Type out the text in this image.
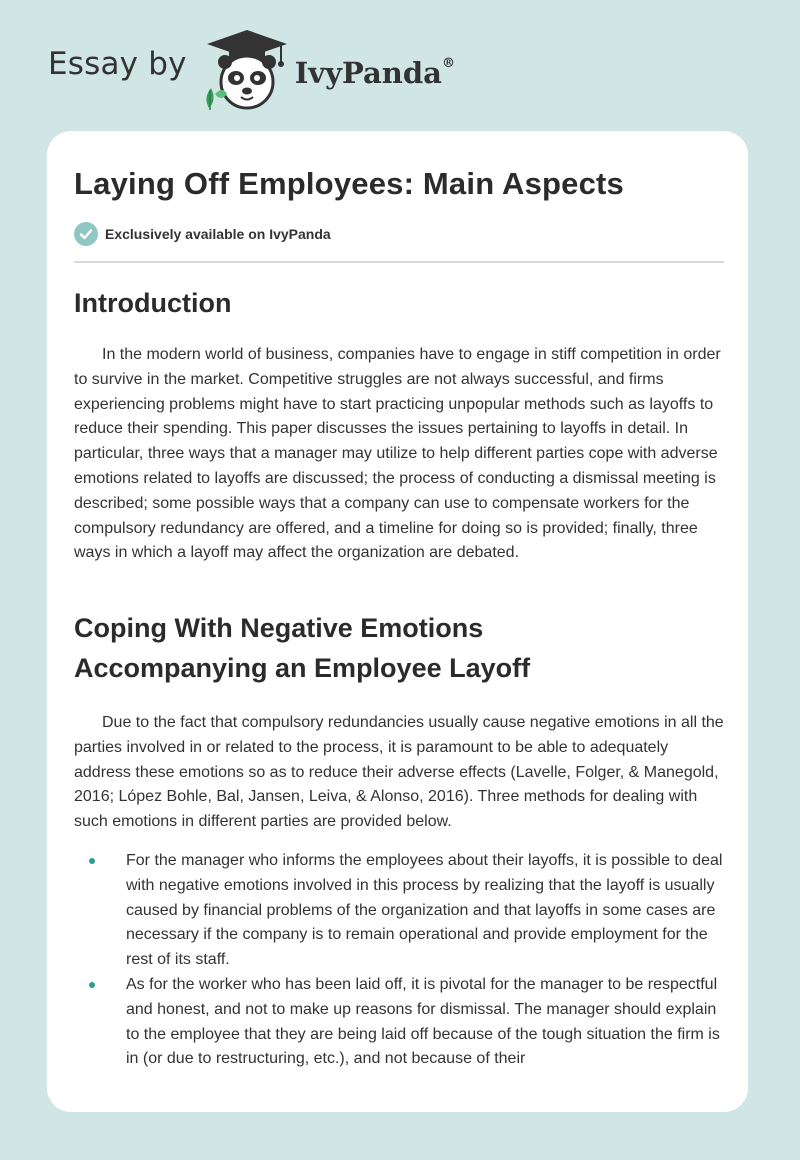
Essay by	IvyPanda®
Laying Off Employees: Main Aspects
Exclusively available on IvyPanda
Introduction

In the modern world of business, companies have to engage in stiff competition in order to survive in the market. Competitive struggles are not always successful, and firms experiencing problems might have to start practicing unpopular methods such as layoffs to reduce their spending. This paper discusses the issues pertaining to layoffs in detail. In particular, three ways that a manager may utilize to help different parties cope with adverse emotions related to layoffs are discussed; the process of conducting a dismissal meeting is described; some possible ways that a company can use to compensate workers for the compulsory redundancy are offered, and a timeline for doing so is provided; finally, three ways in which a layoff may affect the organization are debated.

Coping With Negative Emotions
Accompanying an Employee Layoff

Due to the fact that compulsory redundancies usually cause negative emotions in all the parties involved in or related to the process, it is paramount to be able to adequately address these emotions so as to reduce their adverse effects (Lavelle, Folger, & Manegold, 2016; López Bohle, Bal, Jansen, Leiva, & Alonso, 2016). Three methods for dealing with such emotions in different parties are provided below.

For the manager who informs the employees about their layoffs, it is possible to deal with negative emotions involved in this process by realizing that the layoff is usually caused by financial problems of the organization and that layoffs in some cases are necessary if the company is to remain operational and provide employment for the rest of its staff.
As for the worker who has been laid off, it is pivotal for the manager to be respectful and honest, and not to make up reasons for dismissal. The manager should explain to the employee that they are being laid off because of the tough situation the firm is in (or due to restructuring, etc.), and not because of their
